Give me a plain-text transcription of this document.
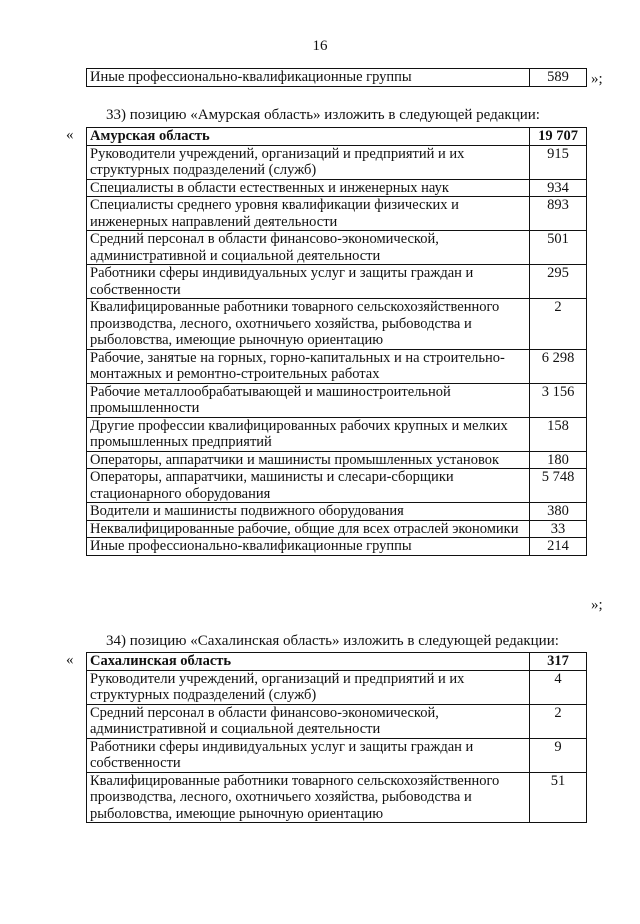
16
Иные профессионально-квалификационные группы	589 »;
33) позицию «Амурская область» изложить в следующей редакции:
« Амурская область	19 707
Руководители учреждений, организаций и предприятий и их структурных подразделений (служб)	915
Специалисты в области естественных и инженерных наук	934
Специалисты среднего уровня квалификации физических и инженерных направлений деятельности	893
Средний персонал в области финансово-экономической, административной и социальной деятельности	501
Работники сферы индивидуальных услуг и защиты граждан и собственности	295
Квалифицированные работники товарного сельскохозяйственного производства, лесного, охотничьего хозяйства, рыбоводства и рыболовства, имеющие рыночную ориентацию	2
Рабочие, занятые на горных, горно-капитальных и на строительно-монтажных и ремонтно-строительных работах	6 298
Рабочие металлообрабатывающей и машиностроительной промышленности	3 156
Другие профессии квалифицированных рабочих крупных и мелких промышленных предприятий	158
Операторы, аппаратчики и машинисты промышленных установок	180
Операторы, аппаратчики, машинисты и слесари-сборщики стационарного оборудования	5 748
Водители и машинисты подвижного оборудования	380
Неквалифицированные рабочие, общие для всех отраслей экономики	33
Иные профессионально-квалификационные группы	214
»;
34) позицию «Сахалинская область» изложить в следующей редакции:
« Сахалинская область	317
Руководители учреждений, организаций и предприятий и их структурных подразделений (служб)	4
Средний персонал в области финансово-экономической, административной и социальной деятельности	2
Работники сферы индивидуальных услуг и защиты граждан и собственности	9
Квалифицированные работники товарного сельскохозяйственного производства, лесного, охотничьего хозяйства, рыбоводства и рыболовства, имеющие рыночную ориентацию	51
